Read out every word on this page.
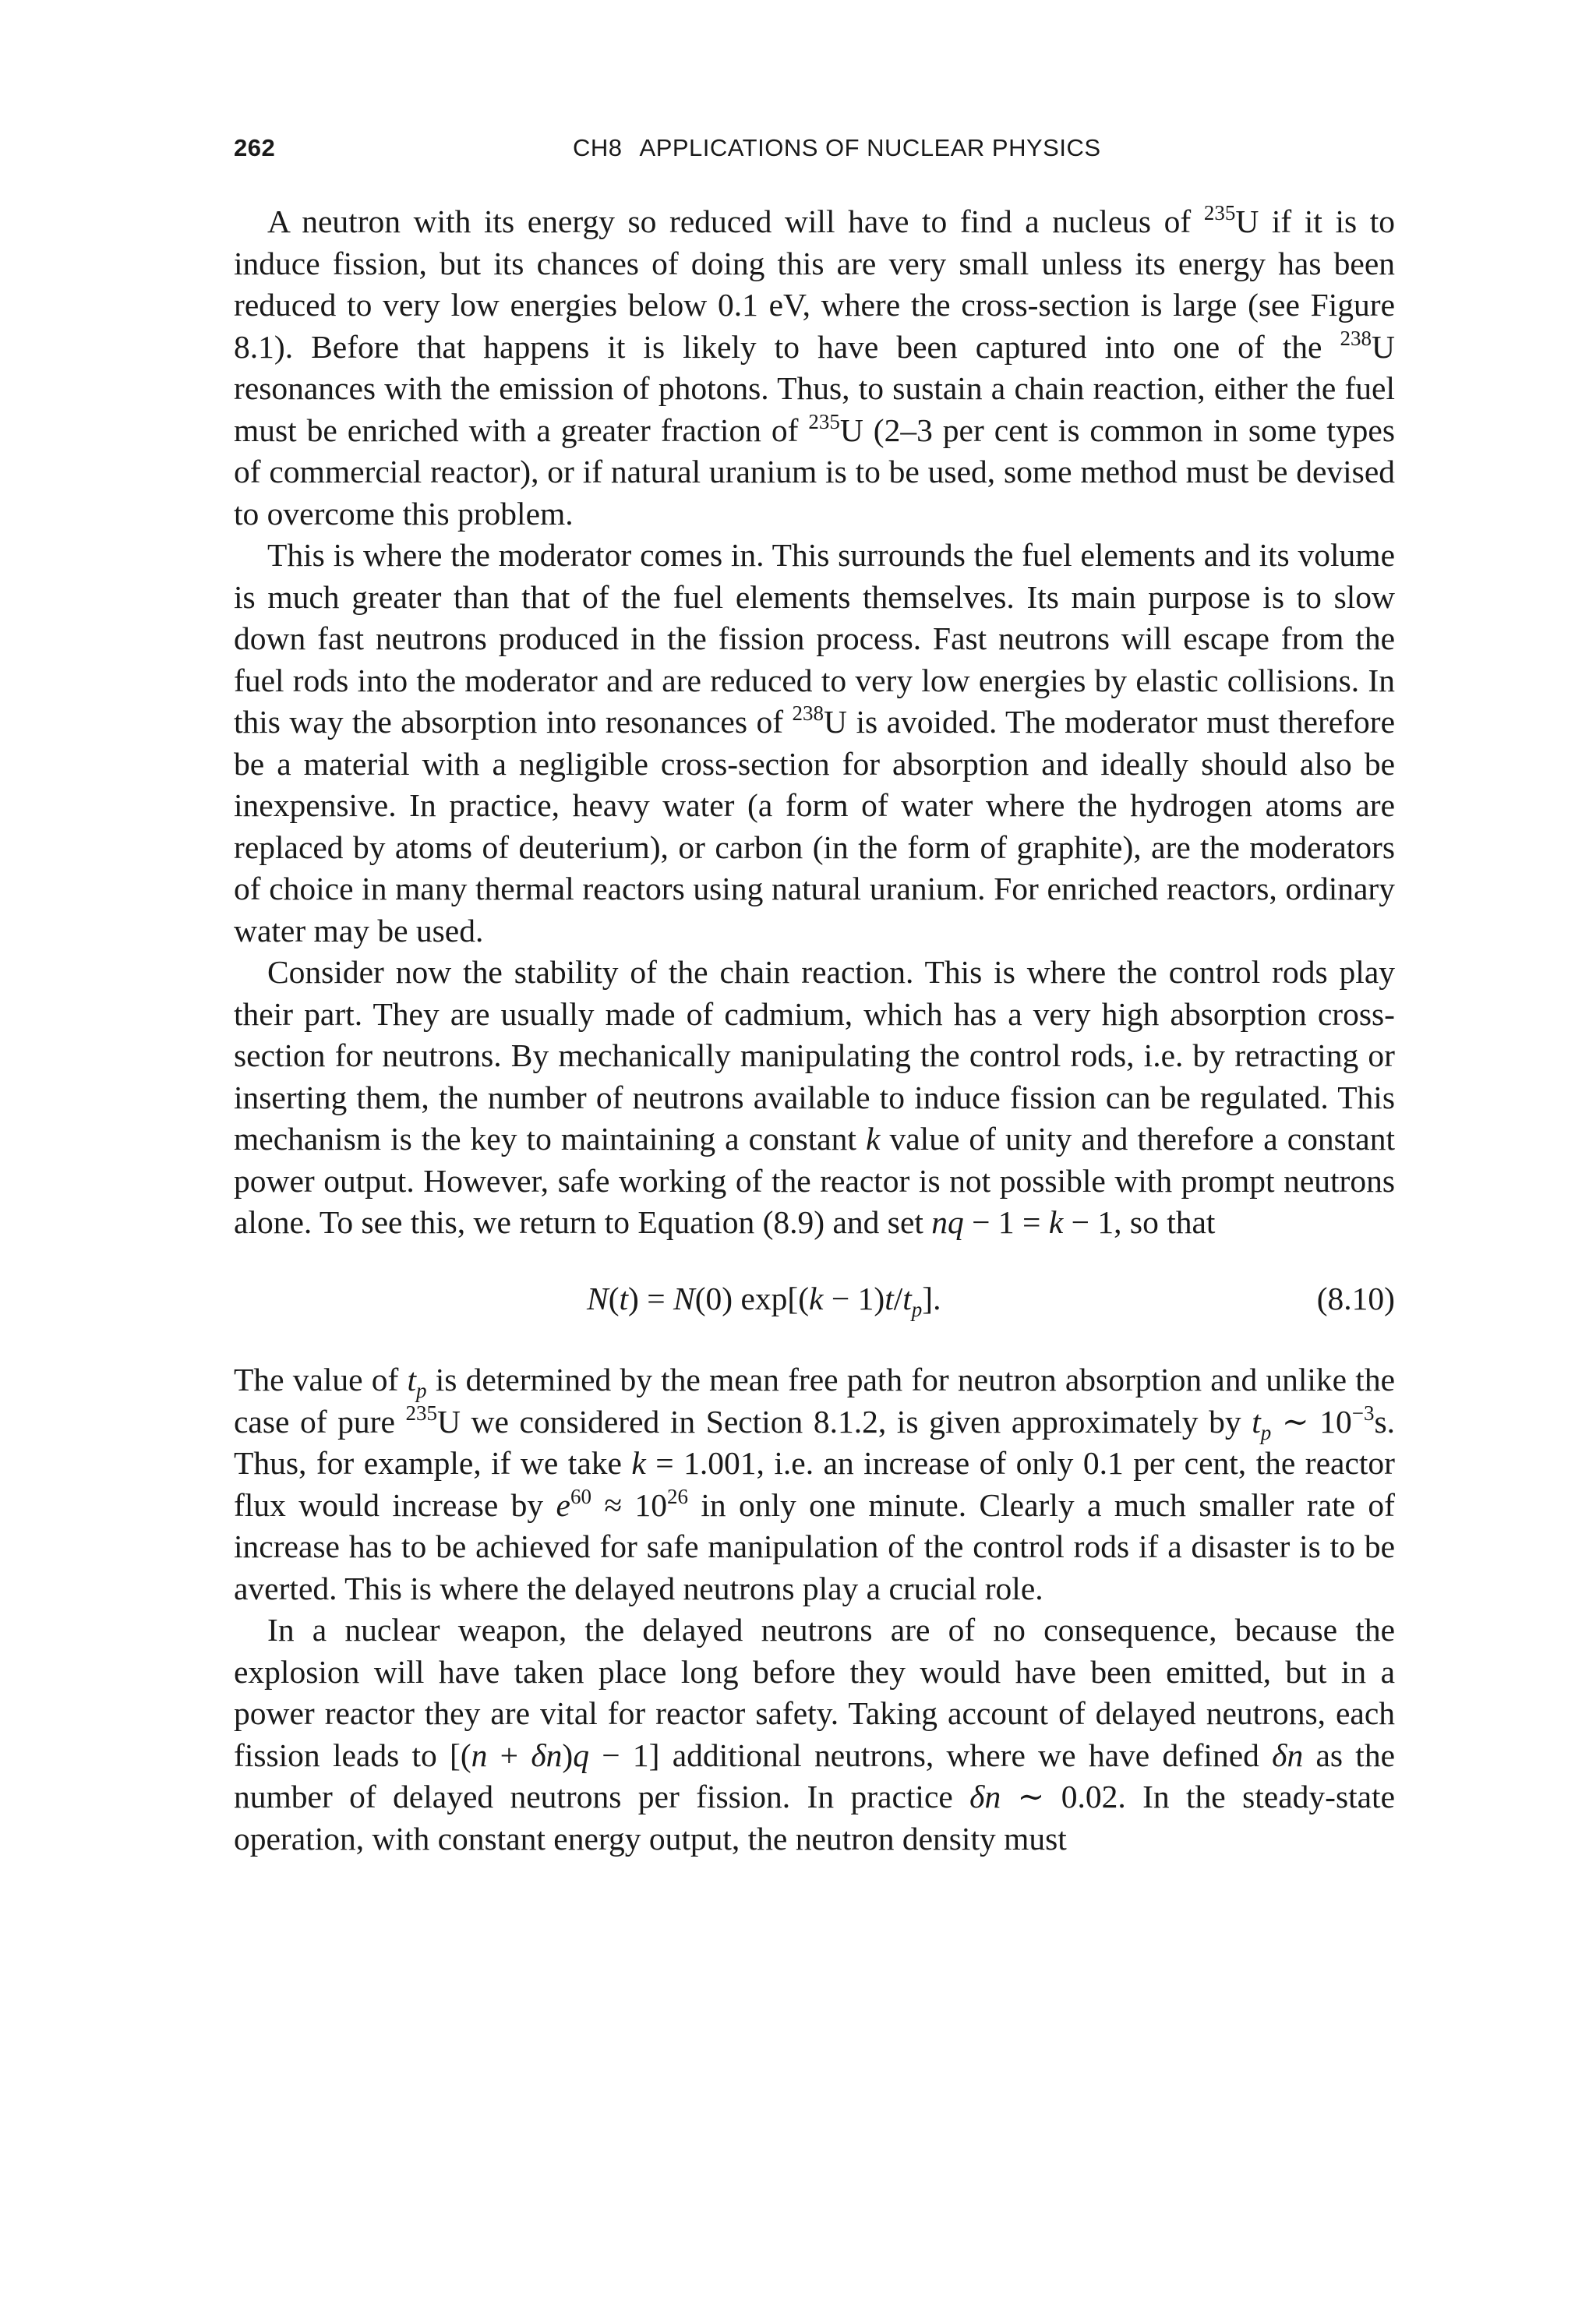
262	CH8 APPLICATIONS OF NUCLEAR PHYSICS

A neutron with its energy so reduced will have to find a nucleus of $^{235}$U if it is to induce fission, but its chances of doing this are very small unless its energy has been reduced to very low energies below 0.1 eV, where the cross-section is large (see Figure 8.1). Before that happens it is likely to have been captured into one of the $^{238}$U resonances with the emission of photons. Thus, to sustain a chain reaction, either the fuel must be enriched with a greater fraction of $^{235}$U (2–3 per cent is common in some types of commercial reactor), or if natural uranium is to be used, some method must be devised to overcome this problem.

This is where the moderator comes in. This surrounds the fuel elements and its volume is much greater than that of the fuel elements themselves. Its main purpose is to slow down fast neutrons produced in the fission process. Fast neutrons will escape from the fuel rods into the moderator and are reduced to very low energies by elastic collisions. In this way the absorption into resonances of $^{238}$U is avoided. The moderator must therefore be a material with a negligible cross-section for absorption and ideally should also be inexpensive. In practice, heavy water (a form of water where the hydrogen atoms are replaced by atoms of deuterium), or carbon (in the form of graphite), are the moderators of choice in many thermal reactors using natural uranium. For enriched reactors, ordinary water may be used.

Consider now the stability of the chain reaction. This is where the control rods play their part. They are usually made of cadmium, which has a very high absorption cross-section for neutrons. By mechanically manipulating the control rods, i.e. by retracting or inserting them, the number of neutrons available to induce fission can be regulated. This mechanism is the key to maintaining a constant k value of unity and therefore a constant power output. However, safe working of the reactor is not possible with prompt neutrons alone. To see this, we return to Equation (8.9) and set nq − 1 = k − 1, so that

N(t) = N(0) $\exp[(k - 1)t/t_p]$.	(8.10)

The value of $t_p$ is determined by the mean free path for neutron absorption and unlike the case of pure $^{235}$U we considered in Section 8.1.2, is given approximately by $t_p$ ∼ $10^{-3}s$. Thus, for example, if we take k = 1.001, i.e. an increase of only 0.1 per cent, the reactor flux would increase by $e^{60} \approx 10^{26}$ in only one minute. Clearly a much smaller rate of increase has to be achieved for safe manipulation of the control rods if a disaster is to be averted. This is where the delayed neutrons play a crucial role.

In a nuclear weapon, the delayed neutrons are of no consequence, because the explosion will have taken place long before they would have been emitted, but in a power reactor they are vital for reactor safety. Taking account of delayed neutrons, each fission leads to [(n + δn)q − 1] additional neutrons, where we have defined δn as the number of delayed neutrons per fission. In practice δn ∼ 0.02. In the steady-state operation, with constant energy output, the neutron density must
